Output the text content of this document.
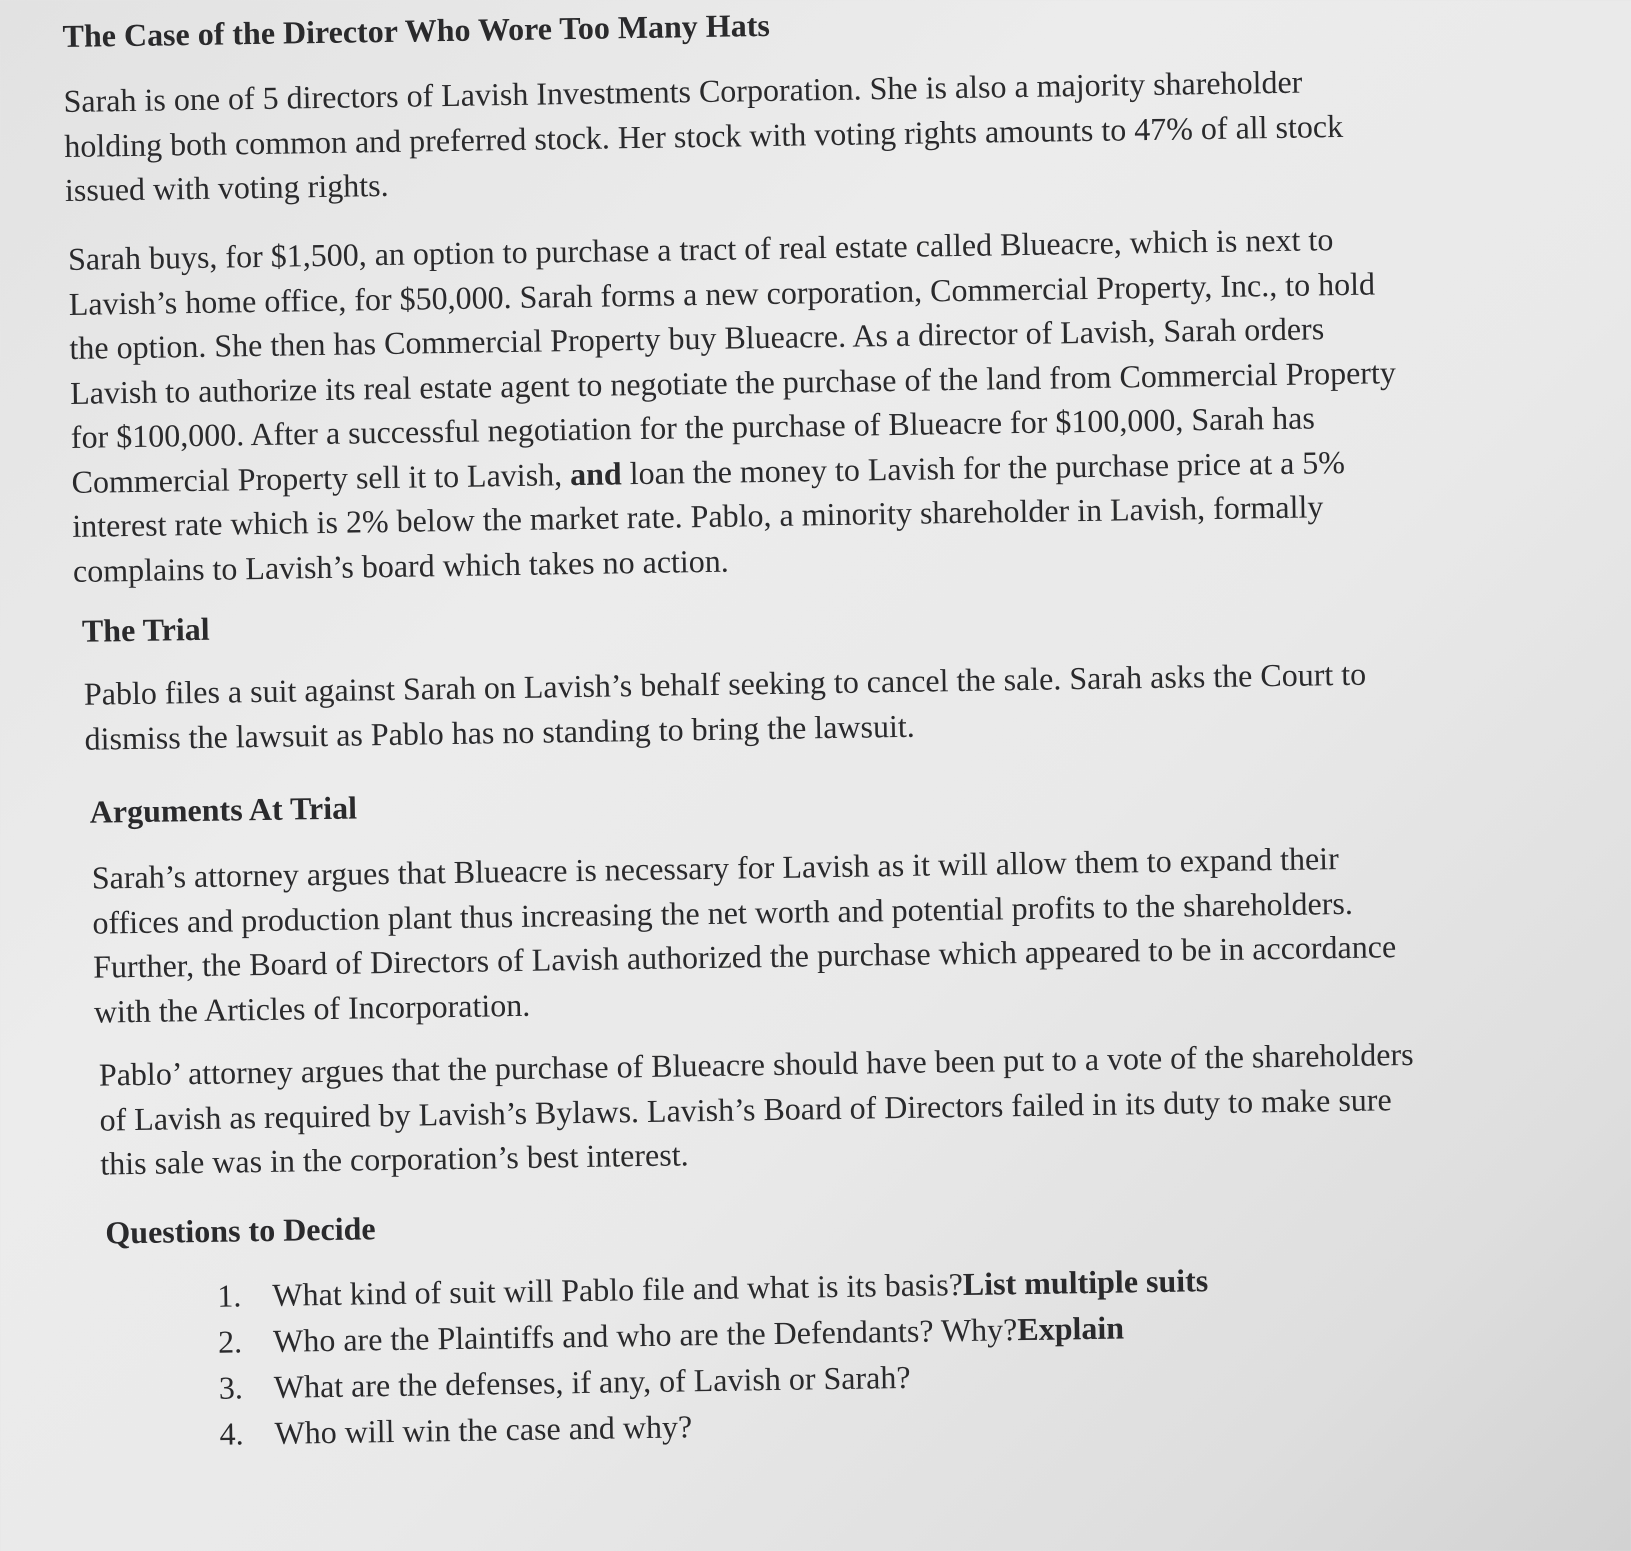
The Case of the Director Who Wore Too Many Hats

Sarah is one of 5 directors of Lavish Investments Corporation. She is also a majority shareholder
holding both common and preferred stock. Her stock with voting rights amounts to 47% of all stock
issued with voting rights.

Sarah buys, for $1,500, an option to purchase a tract of real estate called Blueacre, which is next to
Lavish’s home office, for $50,000. Sarah forms a new corporation, Commercial Property, Inc., to hold
the option. She then has Commercial Property buy Blueacre. As a director of Lavish, Sarah orders
Lavish to authorize its real estate agent to negotiate the purchase of the land from Commercial Property
for $100,000. After a successful negotiation for the purchase of Blueacre for $100,000, Sarah has
Commercial Property sell it to Lavish, and loan the money to Lavish for the purchase price at a 5%
interest rate which is 2% below the market rate. Pablo, a minority shareholder in Lavish, formally
complains to Lavish’s board which takes no action.

The Trial

Pablo files a suit against Sarah on Lavish’s behalf seeking to cancel the sale. Sarah asks the Court to
dismiss the lawsuit as Pablo has no standing to bring the lawsuit.

Arguments At Trial

Sarah’s attorney argues that Blueacre is necessary for Lavish as it will allow them to expand their
offices and production plant thus increasing the net worth and potential profits to the shareholders.
Further, the Board of Directors of Lavish authorized the purchase which appeared to be in accordance
with the Articles of Incorporation.

Pablo’ attorney argues that the purchase of Blueacre should have been put to a vote of the shareholders
of Lavish as required by Lavish’s Bylaws. Lavish’s Board of Directors failed in its duty to make sure
this sale was in the corporation’s best interest.

Questions to Decide
1. What kind of suit will Pablo file and what is its basis? List multiple suits
2. Who are the Plaintiffs and who are the Defendants? Why? Explain
3. What are the defenses, if any, of Lavish or Sarah?
4. Who will win the case and why?
